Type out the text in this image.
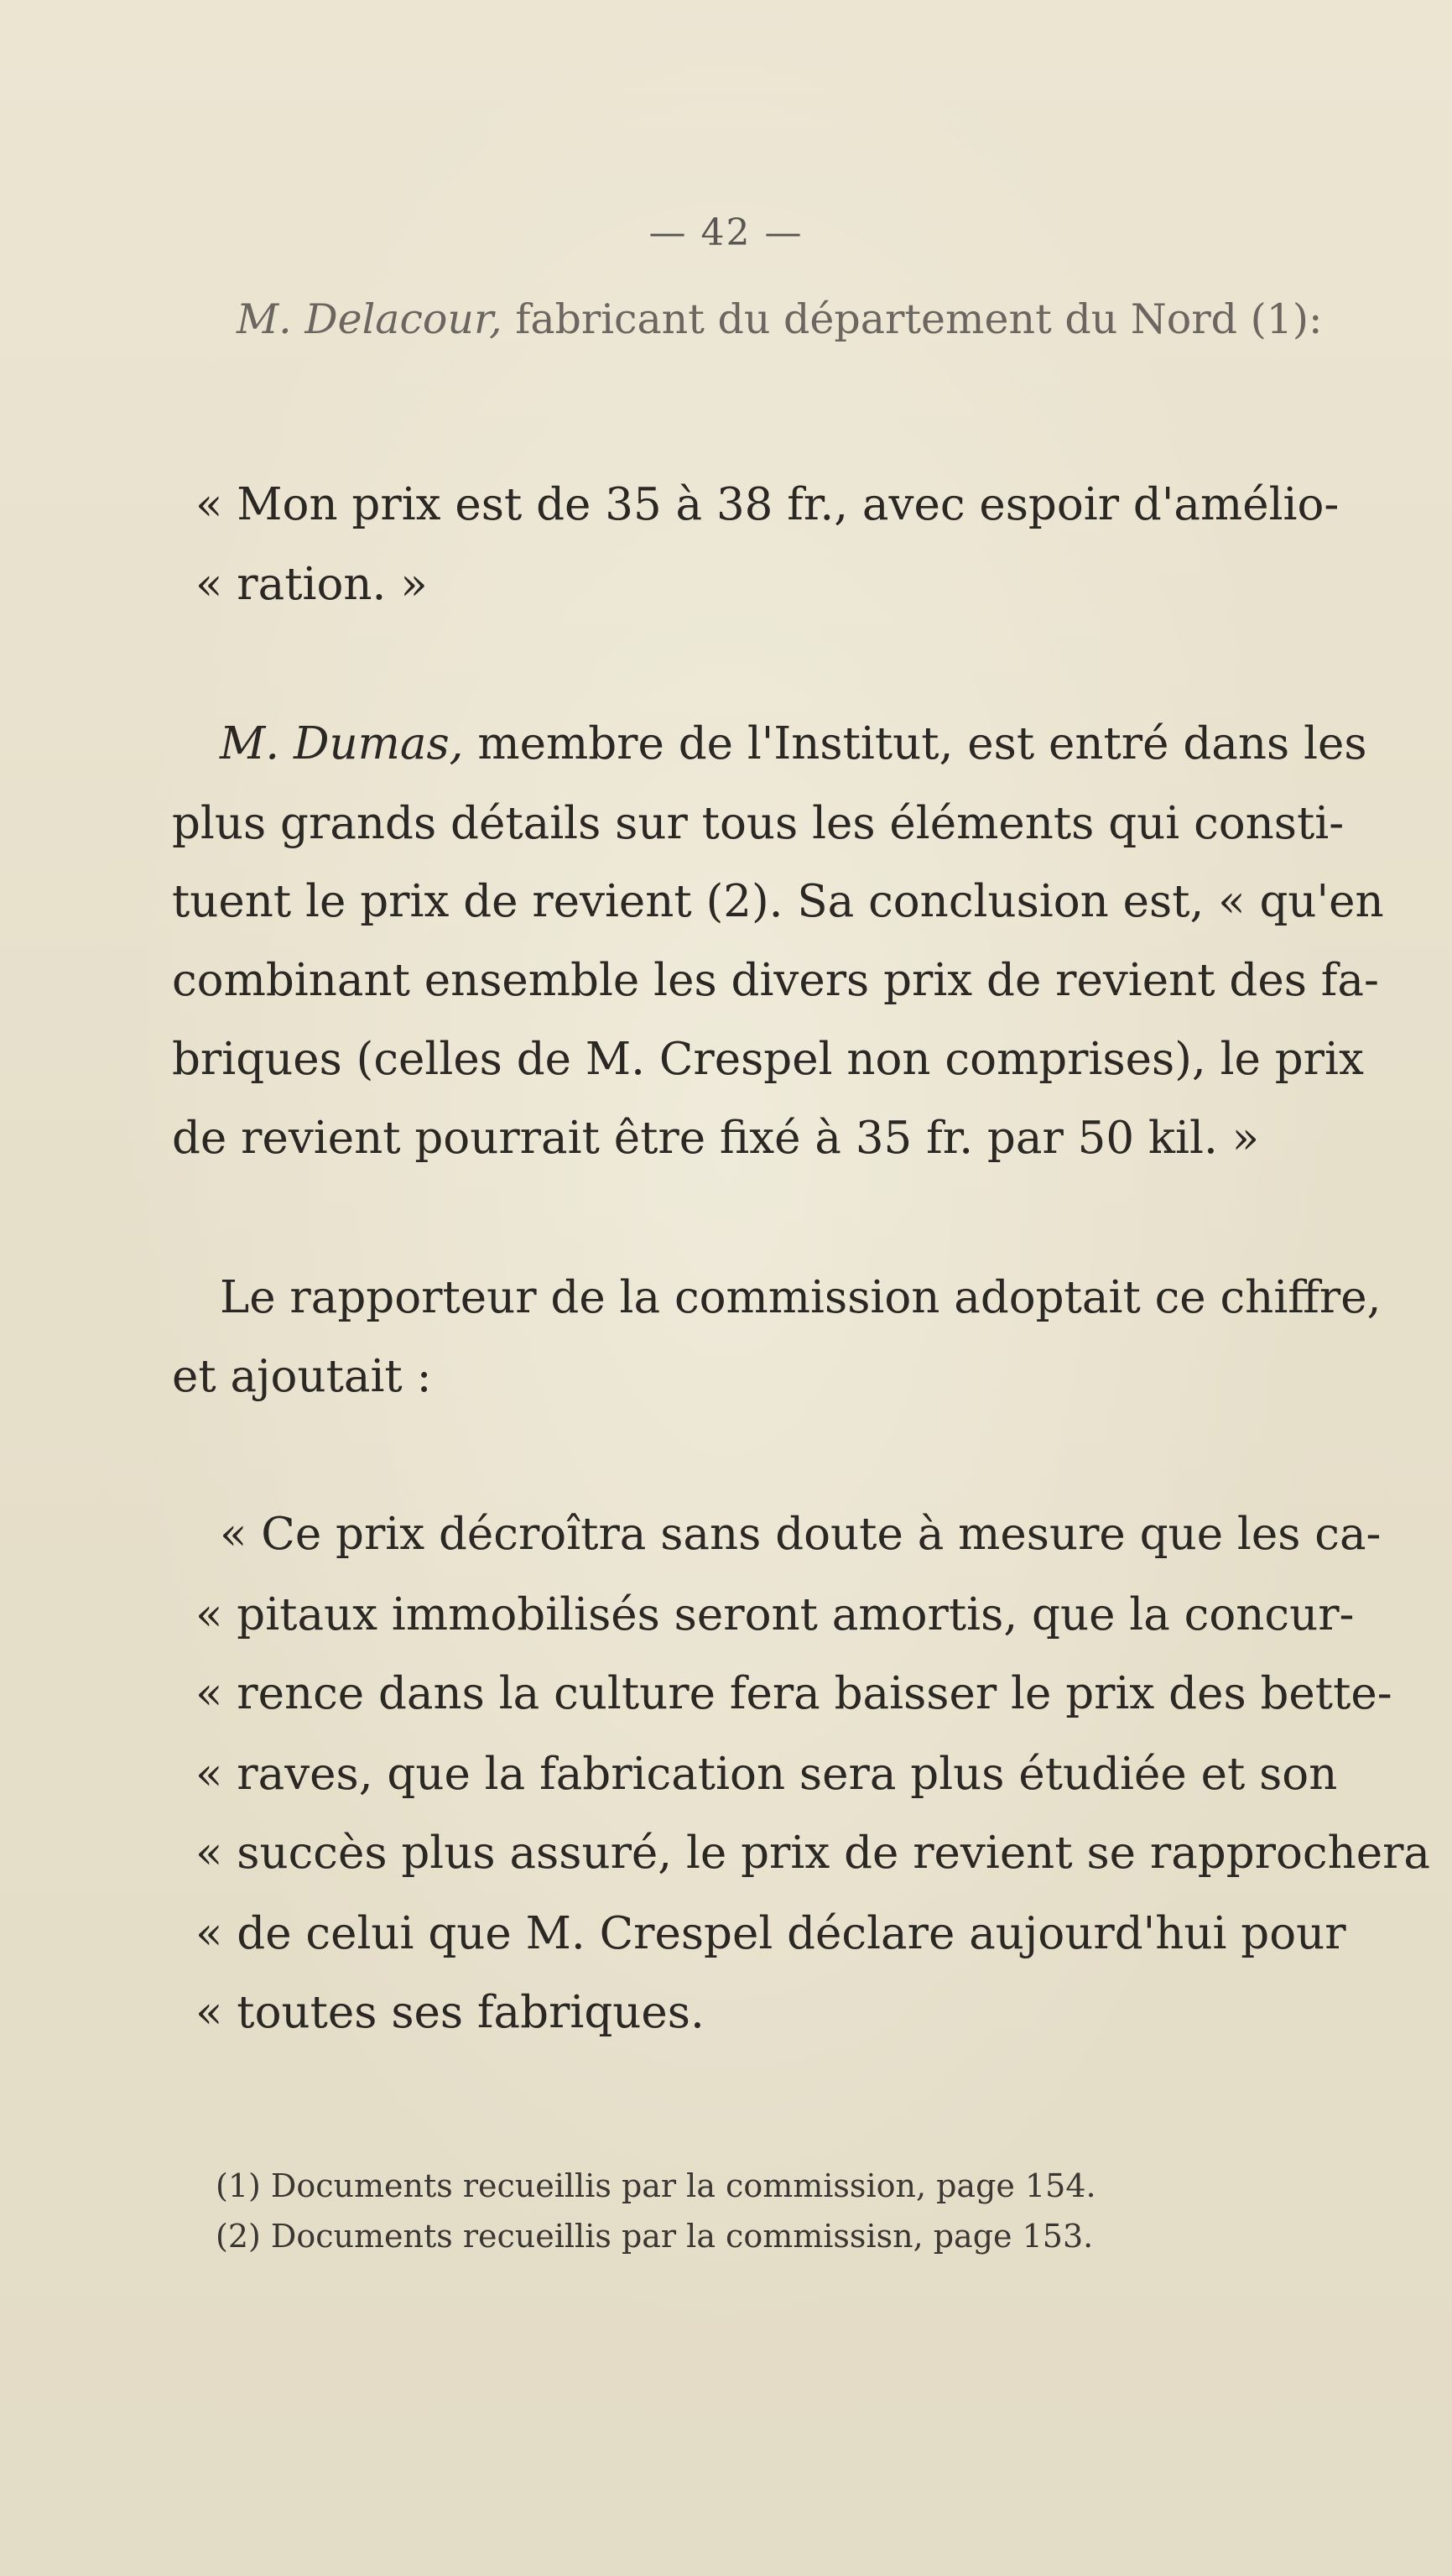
— 42 —
M. Delacour, fabricant du département du Nord (1):
« Mon prix est de 35 à 38 fr., avec espoir d'amélio-
« ration. »
M. Dumas, membre de l'Institut, est entré dans les
plus grands détails sur tous les éléments qui consti-
tuent le prix de revient (2). Sa conclusion est, « qu'en
combinant ensemble les divers prix de revient des fa-
briques (celles de M. Crespel non comprises), le prix
de revient pourrait être fixé à 35 fr. par 50 kil. »
Le rapporteur de la commission adoptait ce chiffre,
et ajoutait :
« Ce prix décroîtra sans doute à mesure que les ca-
« pitaux immobilisés seront amortis, que la concur-
« rence dans la culture fera baisser le prix des bette-
« raves, que la fabrication sera plus étudiée et son
« succès plus assuré, le prix de revient se rapprochera
« de celui que M. Crespel déclare aujourd'hui pour
« toutes ses fabriques.
(1) Documents recueillis par la commission, page 154.
(2) Documents recueillis par la commissisn, page 153.
